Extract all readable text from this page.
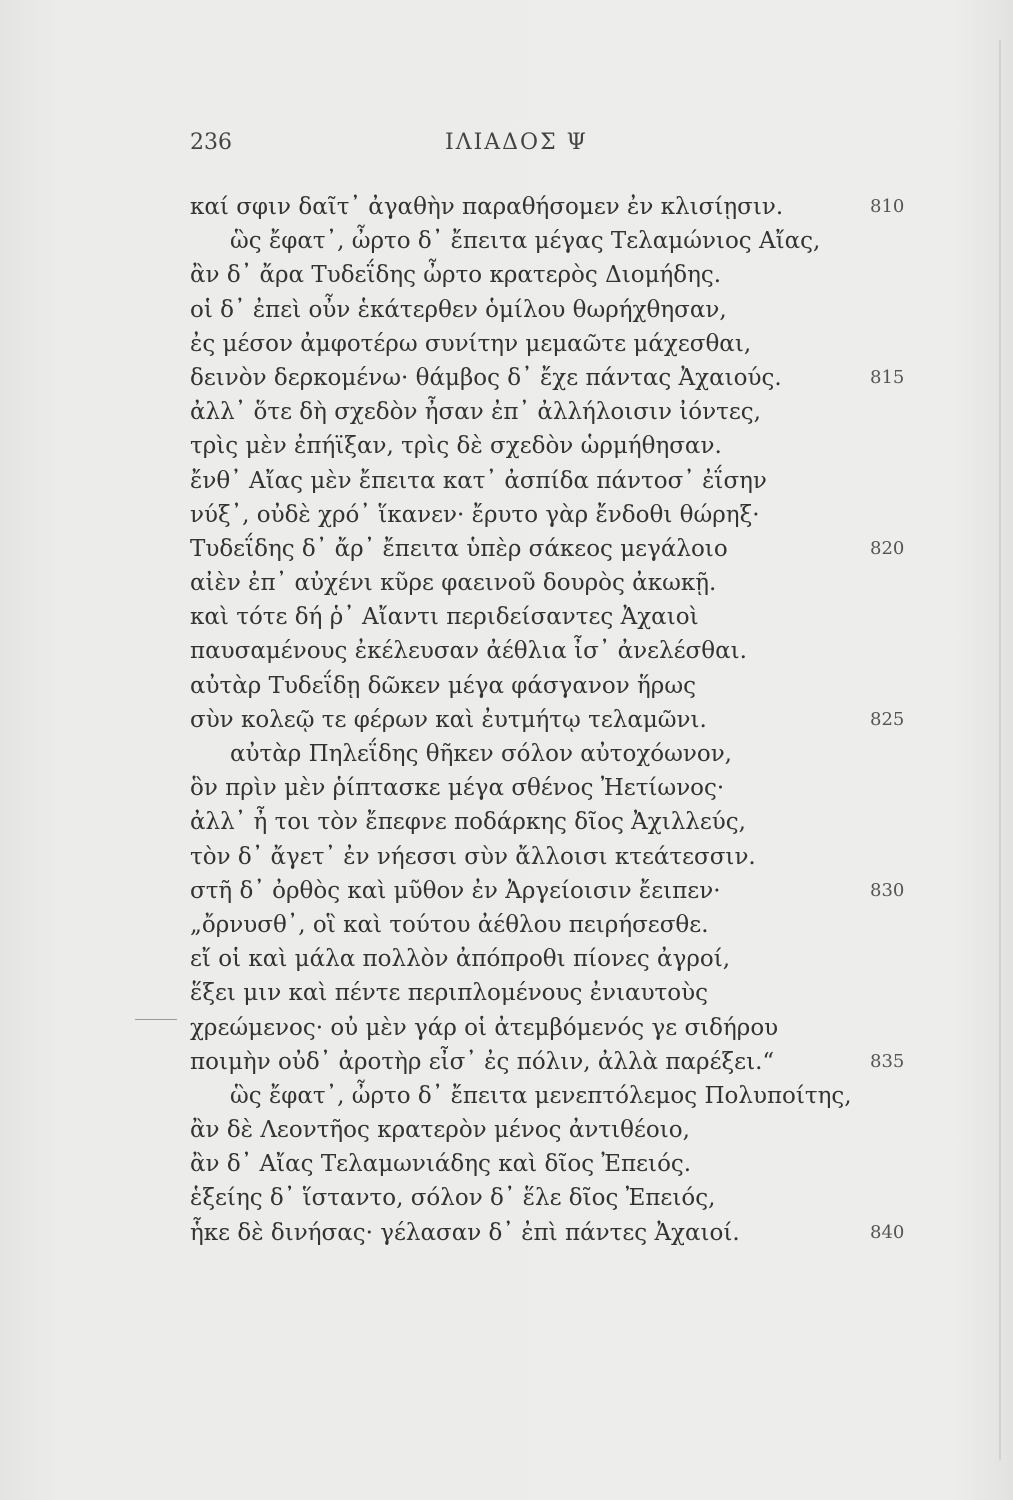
236	ΙΛΙΑΔΟΣ Ψ
καί σφιν δαῖτ᾽ ἀγαθὴν παραθήσομεν ἐν κλισίῃσιν.	810
ὣς ἔφατ᾽, ὦρτο δ᾽ ἔπειτα μέγας Τελαμώνιος Αἴας,
ἂν δ᾽ ἄρα Τυδεΐδης ὦρτο κρατερὸς Διομήδης.
οἱ δ᾽ ἐπεὶ οὖν ἑκάτερθεν ὁμίλου θωρήχθησαν,
ἐς μέσον ἀμφοτέρω συνίτην μεμαῶτε μάχεσθαι,
δεινὸν δερκομένω· θάμβος δ᾽ ἔχε πάντας Ἀχαιούς.	815
ἀλλ᾽ ὅτε δὴ σχεδὸν ἦσαν ἐπ᾽ ἀλλήλοισιν ἰόντες,
τρὶς μὲν ἐπήϊξαν, τρὶς δὲ σχεδὸν ὡρμήθησαν.
ἔνθ᾽ Αἴας μὲν ἔπειτα κατ᾽ ἀσπίδα πάντοσ᾽ ἐΐσην
νύξ᾽, οὐδὲ χρό᾽ ἵκανεν· ἔρυτο γὰρ ἔνδοθι θώρηξ·
Τυδεΐδης δ᾽ ἄρ᾽ ἔπειτα ὑπὲρ σάκεος μεγάλοιο	820
αἰὲν ἐπ᾽ αὐχένι κῦρε φαεινοῦ δουρὸς ἀκωκῇ.
καὶ τότε δή ῥ᾽ Αἴαντι περιδείσαντες Ἀχαιοὶ
παυσαμένους ἐκέλευσαν ἀέθλια ἶσ᾽ ἀνελέσθαι.
αὐτὰρ Τυδεΐδῃ δῶκεν μέγα φάσγανον ἥρως
σὺν κολεῷ τε φέρων καὶ ἐυτμήτῳ τελαμῶνι.	825
αὐτὰρ Πηλεΐδης θῆκεν σόλον αὐτοχόωνον,
ὃν πρὶν μὲν ῥίπτασκε μέγα σθένος Ἠετίωνος·
ἀλλ᾽ ἦ τοι τὸν ἔπεφνε ποδάρκης δῖος Ἀχιλλεύς,
τὸν δ᾽ ἄγετ᾽ ἐν νήεσσι σὺν ἄλλοισι κτεάτεσσιν.
στῆ δ᾽ ὀρθὸς καὶ μῦθον ἐν Ἀργείοισιν ἔειπεν·	830
„ὄρνυσθ᾽, οἳ καὶ τούτου ἀέθλου πειρήσεσθε.
εἴ οἱ καὶ μάλα πολλὸν ἀπόπροθι πίονες ἀγροί,
ἕξει μιν καὶ πέντε περιπλομένους ἐνιαυτοὺς
χρεώμενος· οὐ μὲν γάρ οἱ ἀτεμβόμενός γε σιδήρου
ποιμὴν οὐδ᾽ ἀροτὴρ εἶσ᾽ ἐς πόλιν, ἀλλὰ παρέξει.“	835
ὣς ἔφατ᾽, ὦρτο δ᾽ ἔπειτα μενεπτόλεμος Πολυποίτης,
ἂν δὲ Λεοντῆος κρατερὸν μένος ἀντιθέοιο,
ἂν δ᾽ Αἴας Τελαμωνιάδης καὶ δῖος Ἐπειός.
ἑξείης δ᾽ ἵσταντο, σόλον δ᾽ ἕλε δῖος Ἐπειός,
ἧκε δὲ δινήσας· γέλασαν δ᾽ ἐπὶ πάντες Ἀχαιοί.	840
